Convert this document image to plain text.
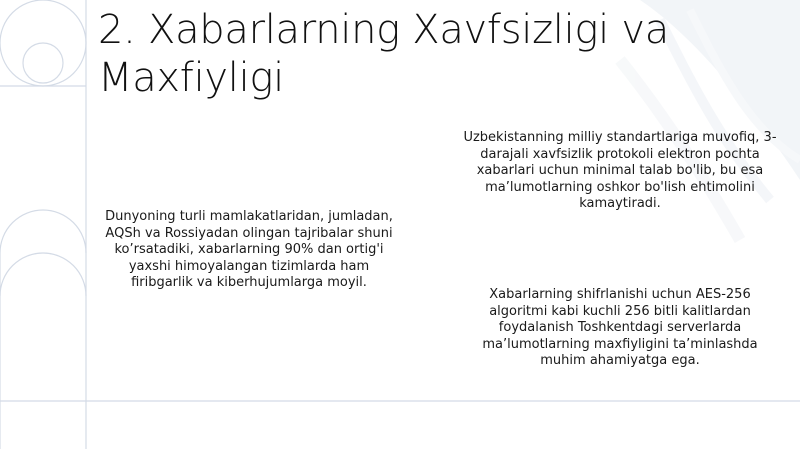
2. Xabarlarning Xavfsizligi va Maxfiyligi

Dunyoning turli mamlakatlaridan, jumladan, AQSh va Rossiyadan olingan tajribalar shuni ko’rsatadiki, xabarlarning 90% dan ortig'i yaxshi himoyalangan tizimlarda ham firibgarlik va kiberhujumlarga moyil.

Uzbekistanning milliy standartlariga muvofiq, 3-darajali xavfsizlik protokoli elektron pochta xabarlari uchun minimal talab bo'lib, bu esa ma’lumotlarning oshkor bo'lish ehtimolini kamaytiradi.

Xabarlarning shifrlanishi uchun AES-256 algoritmi kabi kuchli 256 bitli kalitlardan foydalanish Toshkentdagi serverlarda ma’lumotlarning maxfiyligini ta’minlashda muhim ahamiyatga ega.
